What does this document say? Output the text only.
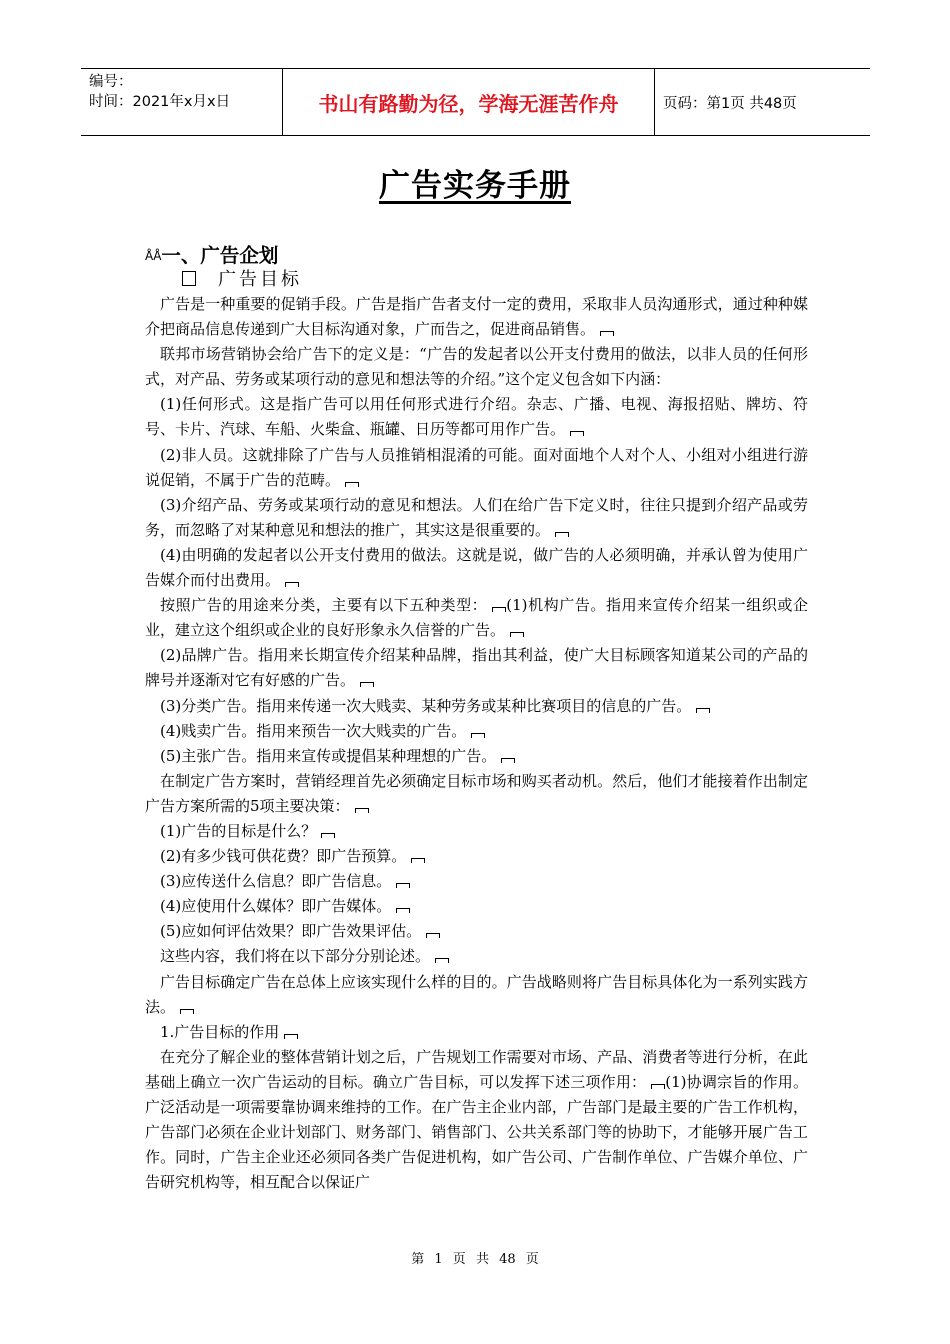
编号：
时间：2021年x月x日	书山有路勤为径，学海无涯苦作舟	页码：第1页 共48页
广告实务手册
ÅÅ一、广告企划
广告目标

广告是一种重要的促销手段。广告是指广告者支付一定的费用，采取非人员沟通形式，通过种种媒介把商品信息传递到广大目标沟通对象，广而告之，促进商品销售。

联邦市场营销协会给广告下的定义是：“广告的发起者以公开支付费用的做法，以非人员的任何形式，对产品、劳务或某项行动的意见和想法等的介绍。”这个定义包含如下内涵：

(1)任何形式。这是指广告可以用任何形式进行介绍。杂志、广播、电视、海报招贴、牌坊、符号、卡片、汽球、车船、火柴盒、瓶罐、日历等都可用作广告。

(2)非人员。这就排除了广告与人员推销相混淆的可能。面对面地个人对个人、小组对小组进行游说促销，不属于广告的范畴。

(3)介绍产品、劳务或某项行动的意见和想法。人们在给广告下定义时，往往只提到介绍产品或劳务，而忽略了对某种意见和想法的推广，其实这是很重要的。

(4)由明确的发起者以公开支付费用的做法。这就是说，做广告的人必须明确，并承认曾为使用广告媒介而付出费用。

按照广告的用途来分类，主要有以下五种类型： (1)机构广告。指用来宣传介绍某一组织或企业，建立这个组织或企业的良好形象永久信誉的广告。

(2)品牌广告。指用来长期宣传介绍某种品牌，指出其利益，使广大目标顾客知道某公司的产品的牌号并逐渐对它有好感的广告。

(3)分类广告。指用来传递一次大贱卖、某种劳务或某种比赛项目的信息的广告。

(4)贱卖广告。指用来预告一次大贱卖的广告。

(5)主张广告。指用来宣传或提倡某种理想的广告。

在制定广告方案时，营销经理首先必须确定目标市场和购买者动机。然后，他们才能接着作出制定广告方案所需的5项主要决策：

(1)广告的目标是什么？

(2)有多少钱可供花费？即广告预算。

(3)应传送什么信息？即广告信息。

(4)应使用什么媒体？即广告媒体。

(5)应如何评估效果？即广告效果评估。

这些内容，我们将在以下部分分别论述。

广告目标确定广告在总体上应该实现什么样的目的。广告战略则将广告目标具体化为一系列实践方法。

1.广告目标的作用

在充分了解企业的整体营销计划之后，广告规划工作需要对市场、产品、消费者等进行分析，在此基础上确立一次广告运动的目标。确立广告目标，可以发挥下述三项作用： (1)协调宗旨的作用。广泛活动是一项需要靠协调来维持的工作。在广告主企业内部，广告部门是最主要的广告工作机构，广告部门必须在企业计划部门、财务部门、销售部门、公共关系部门等的协助下，才能够开展广告工作。同时，广告主企业还必须同各类广告促进机构，如广告公司、广告制作单位、广告媒介单位、广告研究机构等，相互配合以保证广

第 1 页 共 48 页
